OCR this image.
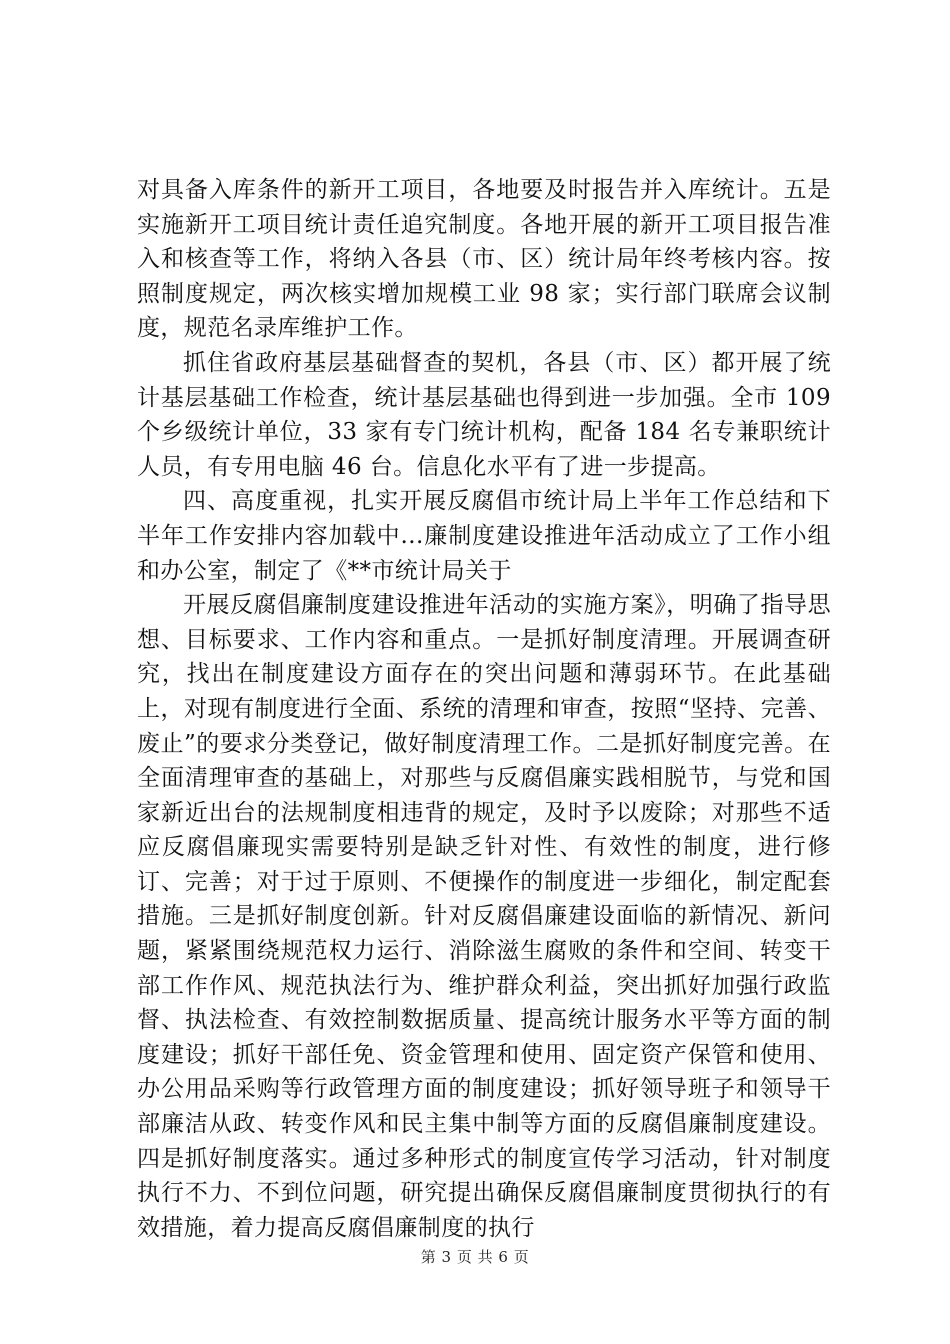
对具备入库条件的新开工项目，各地要及时报告并入库统计。五是实施新开工项目统计责任追究制度。各地开展的新开工项目报告准入和核查等工作，将纳入各县（市、区）统计局年终考核内容。按照制度规定，两次核实增加规模工业 98 家；实行部门联席会议制度，规范名录库维护工作。

抓住省政府基层基础督查的契机，各县（市、区）都开展了统计基层基础工作检查，统计基层基础也得到进一步加强。全市 109 个乡级统计单位，33 家有专门统计机构，配备 184 名专兼职统计人员，有专用电脑 46 台。信息化水平有了进一步提高。

四、高度重视，扎实开展反腐倡市统计局上半年工作总结和下半年工作安排内容加载中...廉制度建设推进年活动成立了工作小组和办公室，制定了《**市统计局关于

开展反腐倡廉制度建设推进年活动的实施方案》，明确了指导思想、目标要求、工作内容和重点。一是抓好制度清理。开展调查研究，找出在制度建设方面存在的突出问题和薄弱环节。在此基础上，对现有制度进行全面、系统的清理和审查，按照“坚持、完善、废止”的要求分类登记，做好制度清理工作。二是抓好制度完善。在全面清理审查的基础上，对那些与反腐倡廉实践相脱节，与党和国家新近出台的法规制度相违背的规定，及时予以废除；对那些不适应反腐倡廉现实需要特别是缺乏针对性、有效性的制度，进行修订、完善；对于过于原则、不便操作的制度进一步细化，制定配套措施。三是抓好制度创新。针对反腐倡廉建设面临的新情况、新问题，紧紧围绕规范权力运行、消除滋生腐败的条件和空间、转变干部工作作风、规范执法行为、维护群众利益，突出抓好加强行政监督、执法检查、有效控制数据质量、提高统计服务水平等方面的制度建设；抓好干部任免、资金管理和使用、固定资产保管和使用、办公用品采购等行政管理方面的制度建设；抓好领导班子和领导干部廉洁从政、转变作风和民主集中制等方面的反腐倡廉制度建设。四是抓好制度落实。通过多种形式的制度宣传学习活动，针对制度执行不力、不到位问题，研究提出确保反腐倡廉制度贯彻执行的有效措施，着力提高反腐倡廉制度的执行

第 3 页 共 6 页
